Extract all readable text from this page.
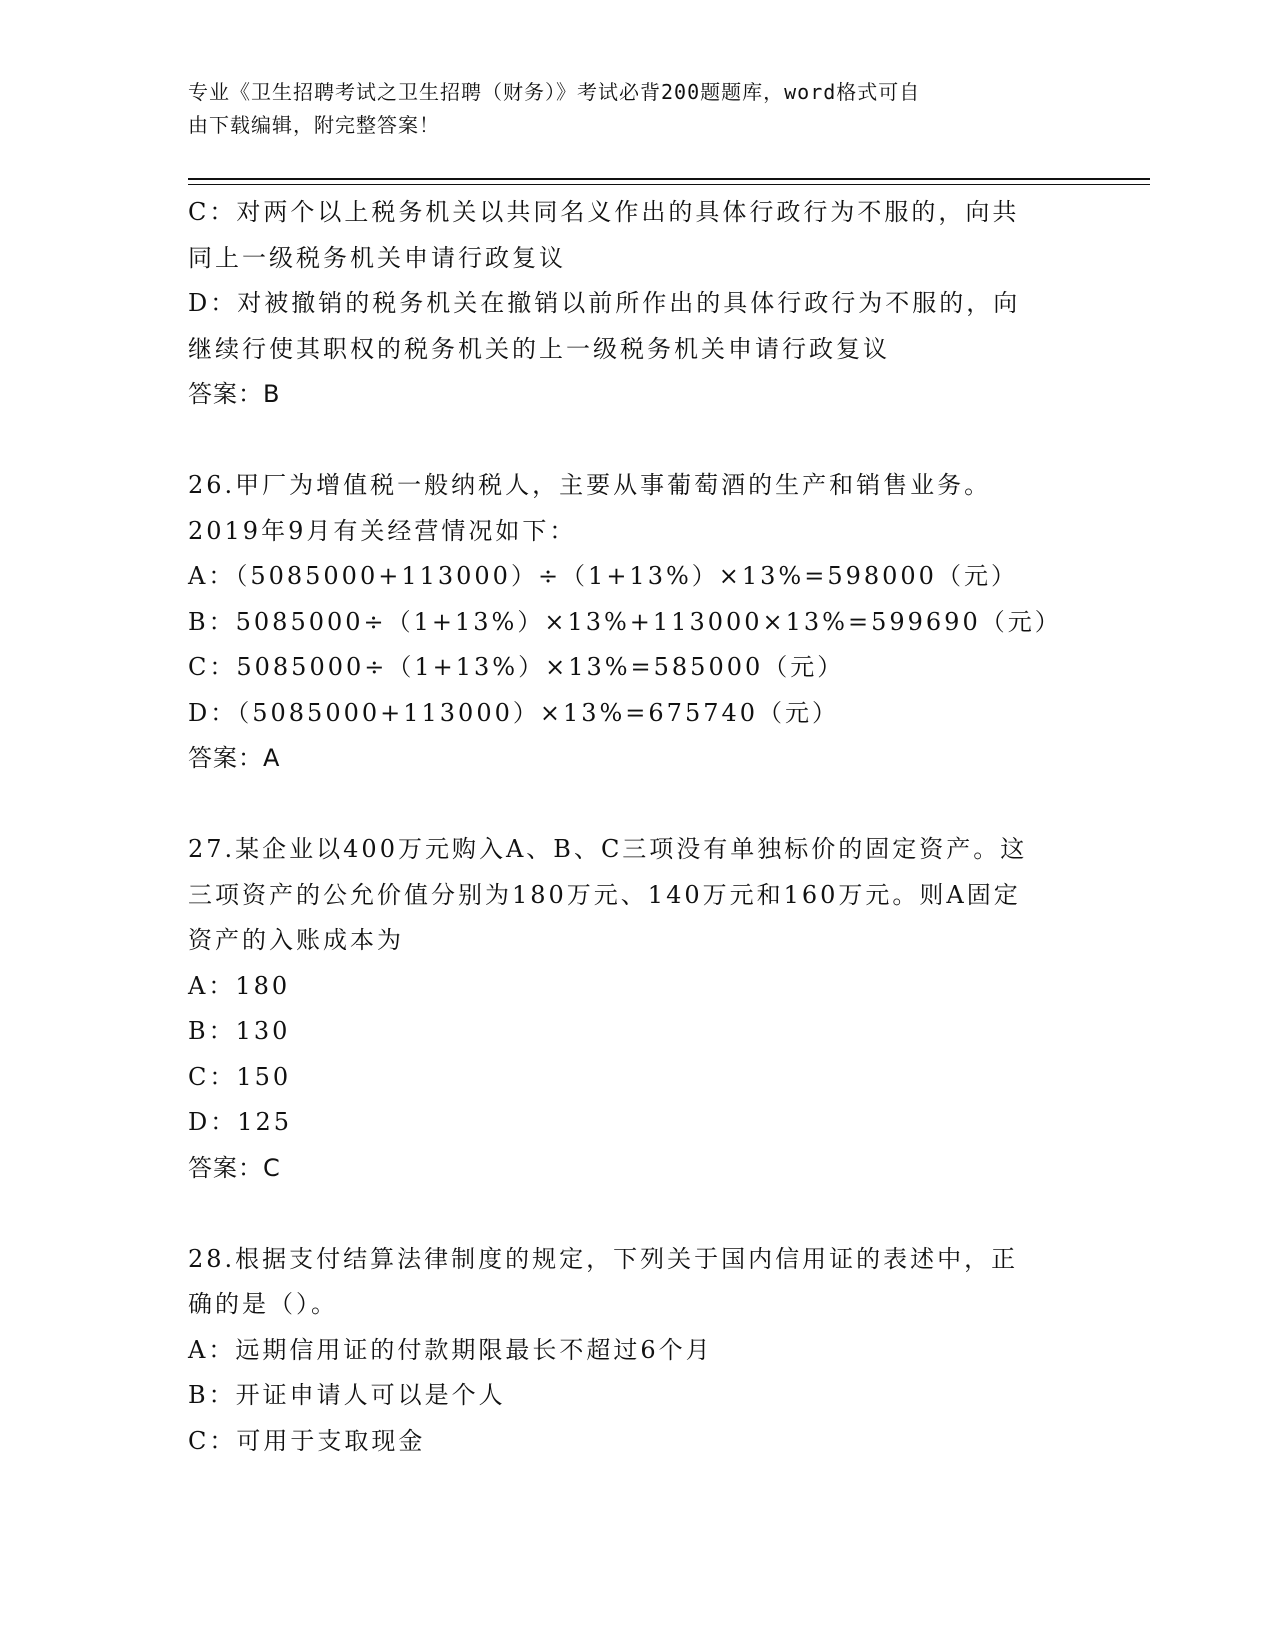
专业《卫生招聘考试之卫生招聘（财务）》考试必背200题题库，word格式可自
由下载编辑，附完整答案！
C：对两个以上税务机关以共同名义作出的具体行政行为不服的，向共
同上一级税务机关申请行政复议
D：对被撤销的税务机关在撤销以前所作出的具体行政行为不服的，向
继续行使其职权的税务机关的上一级税务机关申请行政复议
答案：B
26.甲厂为增值税一般纳税人，主要从事葡萄酒的生产和销售业务。
2019年9月有关经营情况如下：
A：（5085000+113000）÷（1+13%）×13%=598000（元）
B：5085000÷（1+13%）×13%+113000×13%=599690（元）
C：5085000÷（1+13%）×13%=585000（元）
D：（5085000+113000）×13%=675740（元）
答案：A
27.某企业以400万元购入A、B、C三项没有单独标价的固定资产。这
三项资产的公允价值分别为180万元、140万元和160万元。则A固定
资产的入账成本为
A：180
B：130
C：150
D：125
答案：C
28.根据支付结算法律制度的规定，下列关于国内信用证的表述中，正
确的是（）。
A：远期信用证的付款期限最长不超过6个月
B：开证申请人可以是个人
C：可用于支取现金
